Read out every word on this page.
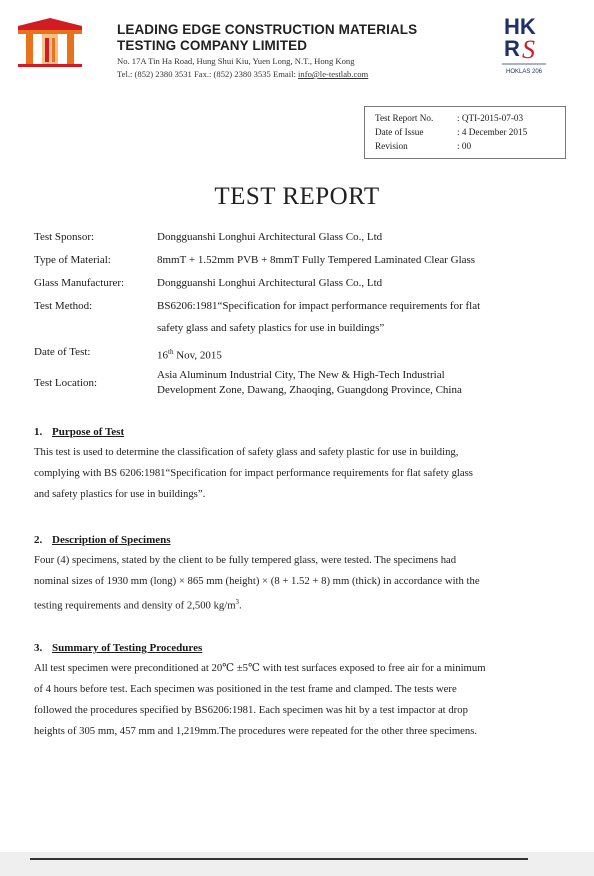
LEADING EDGE CONSTRUCTION MATERIALS
TESTING COMPANY LIMITED
No. 17A Tin Ha Road, Hung Shui Kiu, Yuen Long, N.T., Hong Kong
Tel.: (852) 2380 3531 Fax.: (852) 2380 3535 Email: info@le-testlab.com
HK
R S
HOKLAS 206
Test Report No.	: QTI-2015-07-03
Date of Issue	: 4 December 2015
Revision	: 00
TEST REPORT
Test Sponsor:	Dongguanshi Longhui Architectural Glass Co., Ltd
Type of Material:	8mmT + 1.52mm PVB + 8mmT Fully Tempered Laminated Clear Glass
Glass Manufacturer:	Dongguanshi Longhui Architectural Glass Co., Ltd
Test Method:	BS6206:1981“Specification for impact performance requirements for flat
safety glass and safety plastics for use in buildings”
Date of Test:	16th Nov, 2015
Test Location:
Asia Aluminum Industrial City, The New & High-Tech Industrial
Development Zone, Dawang, Zhaoqing, Guangdong Province, China
1. Purpose of Test
This test is used to determine the classification of safety glass and safety plastic for use in building,
complying with BS 6206:1981“Specification for impact performance requirements for flat safety glass
and safety plastics for use in buildings”.
2. Description of Specimens
Four (4) specimens, stated by the client to be fully tempered glass, were tested. The specimens had
nominal sizes of 1930 mm (long) × 865 mm (height) × (8 + 1.52 + 8) mm (thick) in accordance with the
testing requirements and density of 2,500 $kg/m^3$.
3. Summary of Testing Procedures
All test specimen were preconditioned at 20℃ ±5℃ with test surfaces exposed to free air for a minimum
of 4 hours before test. Each specimen was positioned in the test frame and clamped. The tests were
followed the procedures specified by BS6206:1981. Each specimen was hit by a test impactor at drop
heights of 305 mm, 457 mm and 1,219mm.The procedures were repeated for the other three specimens.
